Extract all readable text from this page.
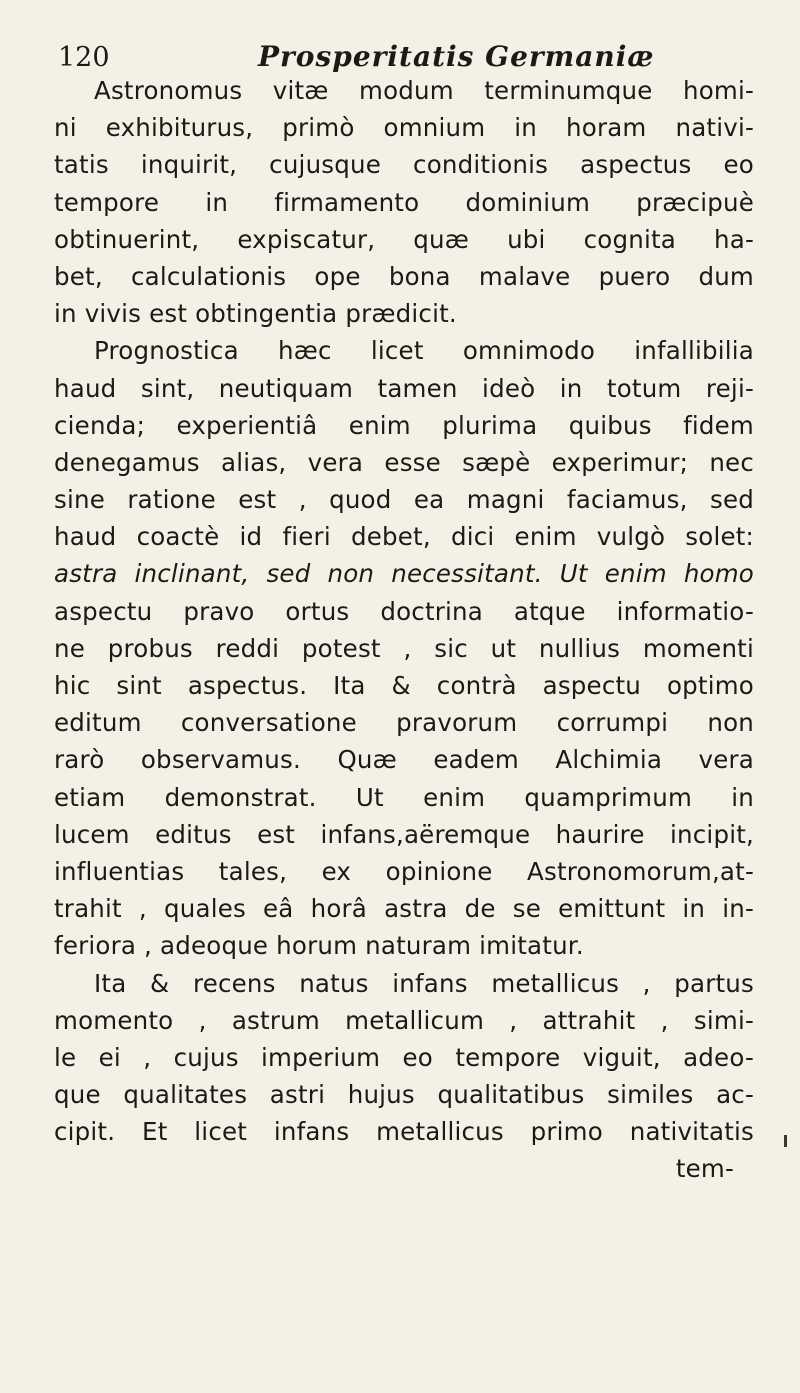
120	Prosperitatis Germaniæ
Astronomus vitæ modum terminumque homi-
ni exhibiturus, primò omnium in horam nativi-
tatis inquirit, cujusque conditionis aspectus eo
tempore in firmamento dominium præcipuè
obtinuerint, expiscatur, quæ ubi cognita ha-
bet, calculationis ope bona malave puero dum
in vivis est obtingentia prædicit.
Prognostica hæc licet omnimodo infallibilia
haud sint, neutiquam tamen ideò in totum reji-
cienda; experientiâ enim plurima quibus fidem
denegamus alias, vera esse sæpè experimur; nec
sine ratione est , quod ea magni faciamus, sed
haud coactè id fieri debet, dici enim vulgò solet:
astra inclinant, sed non necessitant. Ut enim homo
aspectu pravo ortus doctrina atque informatio-
ne probus reddi potest , sic ut nullius momenti
hic sint aspectus. Ita & contrà aspectu optimo
editum conversatione pravorum corrumpi non
rarò observamus. Quæ eadem Alchimia vera
etiam demonstrat. Ut enim quamprimum in
lucem editus est infans,aëremque haurire incipit,
influentias tales, ex opinione Astronomorum,at-
trahit , quales eâ horâ astra de se emittunt in in-
feriora , adeoque horum naturam imitatur.
Ita & recens natus infans metallicus , partus
momento , astrum metallicum , attrahit , simi-
le ei , cujus imperium eo tempore viguit, adeo-
que qualitates astri hujus qualitatibus similes ac-
cipit. Et licet infans metallicus primo nativitatis
tem-
